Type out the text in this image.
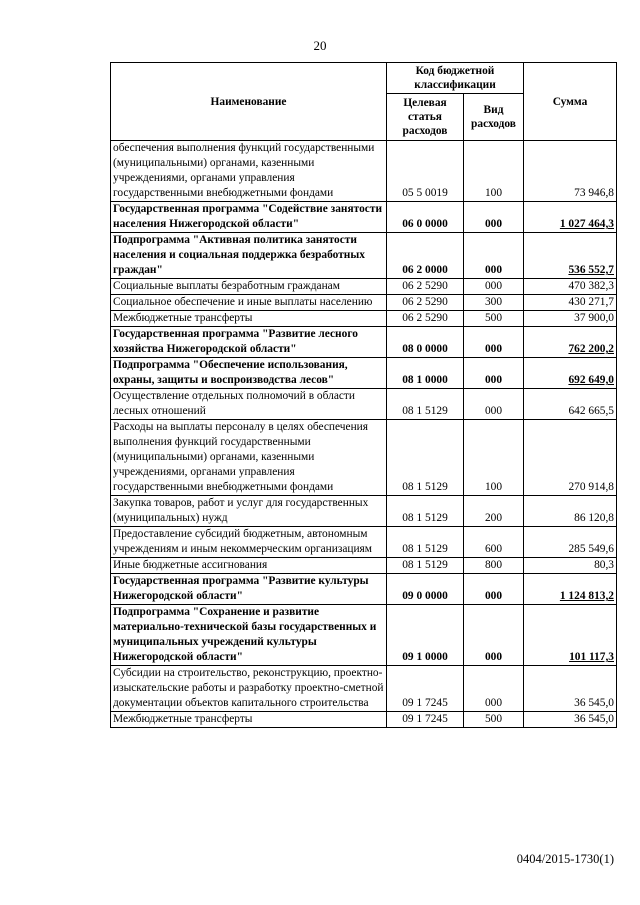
20
Наименование	Код бюджетной классификации		Сумма
	Целевая статья расходов	Вид расходов	
обеспечения выполнения функций государственными (муниципальными) органами, казенными учреждениями, органами управления государственными внебюджетными фондами	05 5 0019	100	73 946,8
Государственная программа "Содействие занятости населения Нижегородской области"	06 0 0000	000	1 027 464,3
Подпрограмма "Активная политика занятости населения и социальная поддержка безработных граждан"	06 2 0000	000	536 552,7
Социальные выплаты безработным гражданам	06 2 5290	000	470 382,3
Социальное обеспечение и иные выплаты населению	06 2 5290	300	430 271,7
Межбюджетные трансферты	06 2 5290	500	37 900,0
Государственная программа "Развитие лесного хозяйства Нижегородской области"	08 0 0000	000	762 200,2
Подпрограмма "Обеспечение использования, охраны, защиты и воспроизводства лесов"	08 1 0000	000	692 649,0
Осуществление отдельных полномочий в области лесных отношений	08 1 5129	000	642 665,5
Расходы на выплаты персоналу в целях обеспечения выполнения функций государственными (муниципальными) органами, казенными учреждениями, органами управления государственными внебюджетными фондами	08 1 5129	100	270 914,8
Закупка товаров, работ и услуг для государственных (муниципальных) нужд	08 1 5129	200	86 120,8
Предоставление субсидий бюджетным, автономным учреждениям и иным некоммерческим организациям	08 1 5129	600	285 549,6
Иные бюджетные ассигнования	08 1 5129	800	80,3
Государственная программа "Развитие культуры Нижегородской области"	09 0 0000	000	1 124 813,2
Подпрограмма "Сохранение и развитие материально-технической базы государственных и муниципальных учреждений культуры Нижегородской области"	09 1 0000	000	101 117,3
Субсидии на строительство, реконструкцию, проектно-изыскательские работы и разработку проектно-сметной документации объектов капитального строительства	09 1 7245	000	36 545,0
Межбюджетные трансферты	09 1 7245	500	36 545,0
0404/2015-1730(1)
